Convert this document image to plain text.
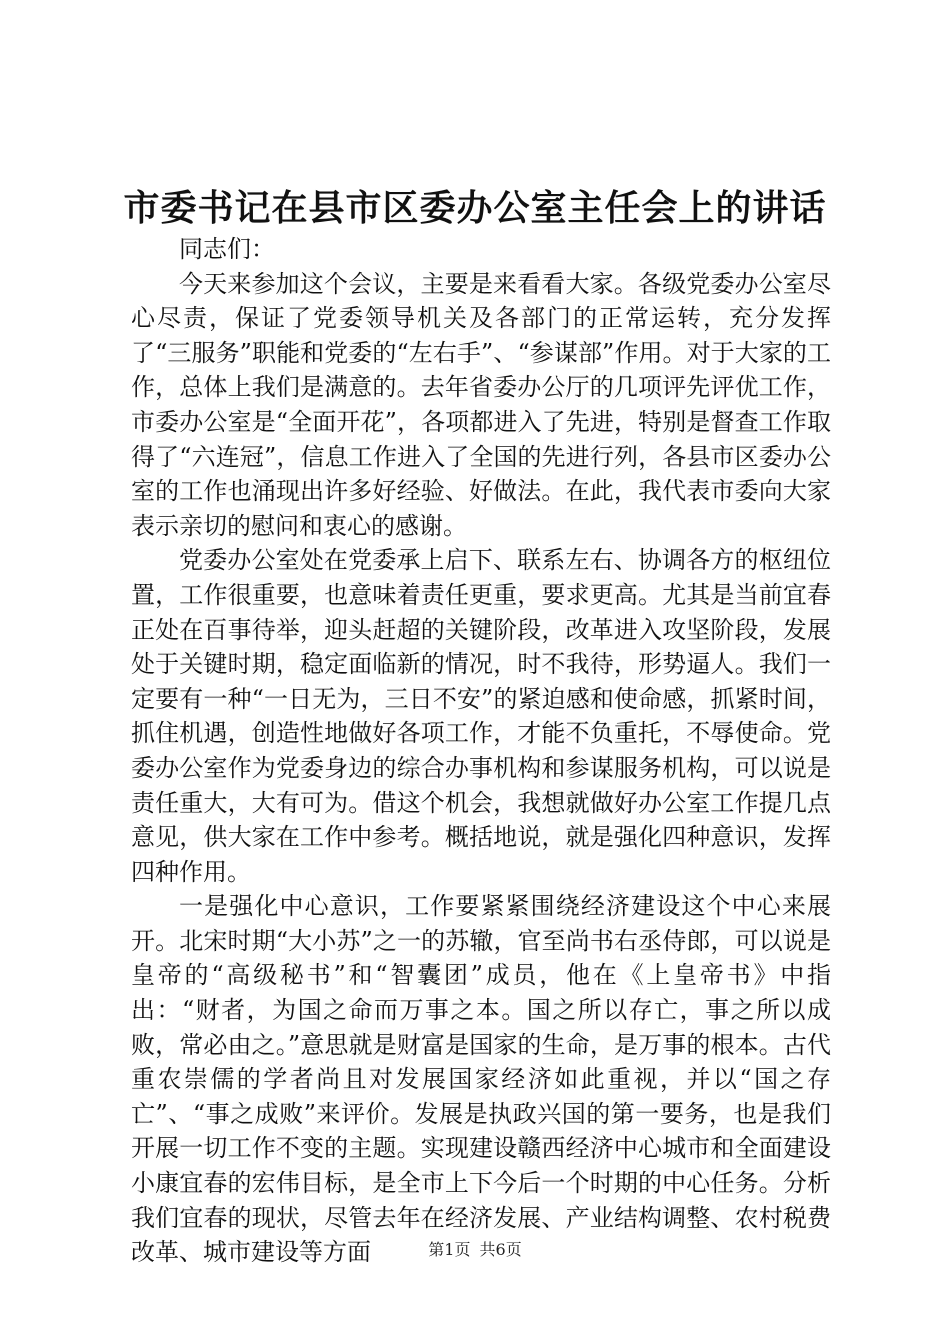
市委书记在县市区委办公室主任会上的讲话

同志们：

今天来参加这个会议，主要是来看看大家。各级党委办公室尽心尽责，保证了党委领导机关及各部门的正常运转，充分发挥了“三服务”职能和党委的“左右手”、“参谋部”作用。对于大家的工作，总体上我们是满意的。去年省委办公厅的几项评先评优工作，市委办公室是“全面开花”，各项都进入了先进，特别是督查工作取得了“六连冠”，信息工作进入了全国的先进行列，各县市区委办公室的工作也涌现出许多好经验、好做法。在此，我代表市委向大家表示亲切的慰问和衷心的感谢。

党委办公室处在党委承上启下、联系左右、协调各方的枢纽位置，工作很重要，也意味着责任更重，要求更高。尤其是当前宜春正处在百事待举，迎头赶超的关键阶段，改革进入攻坚阶段，发展处于关键时期，稳定面临新的情况，时不我待，形势逼人。我们一定要有一种“一日无为，三日不安”的紧迫感和使命感，抓紧时间，抓住机遇，创造性地做好各项工作，才能不负重托，不辱使命。党委办公室作为党委身边的综合办事机构和参谋服务机构，可以说是责任重大，大有可为。借这个机会，我想就做好办公室工作提几点意见，供大家在工作中参考。概括地说，就是强化四种意识，发挥四种作用。

一是强化中心意识，工作要紧紧围绕经济建设这个中心来展开。北宋时期“大小苏”之一的苏辙，官至尚书右丞侍郎，可以说是皇帝的“高级秘书”和“智囊团”成员，他在《上皇帝书》中指出：“财者，为国之命而万事之本。国之所以存亡，事之所以成败，常必由之。”意思就是财富是国家的生命，是万事的根本。古代重农崇儒的学者尚且对发展国家经济如此重视，并以“国之存亡”、“事之成败”来评价。发展是执政兴国的第一要务，也是我们开展一切工作不变的主题。实现建设赣西经济中心城市和全面建设小康宜春的宏伟目标，是全市上下今后一个时期的中心任务。分析我们宜春的现状，尽管去年在经济发展、产业结构调整、农村税费改革、城市建设等方面	第1页 共6页
